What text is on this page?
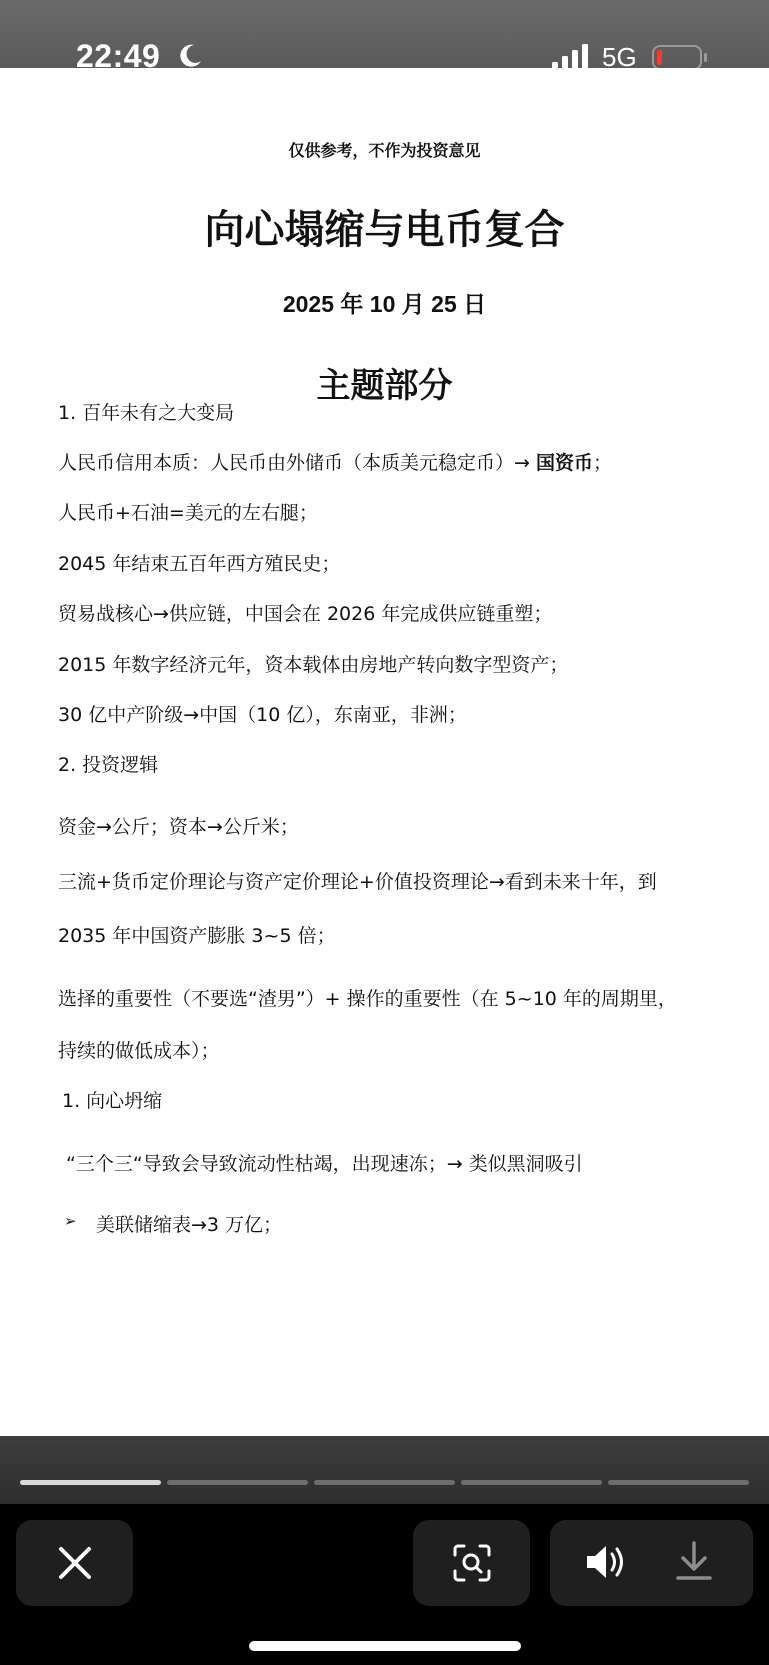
22:49	5G
仅供参考，不作为投资意见
向心塌缩与电币复合
2025 年 10 月 25 日
主题部分
1. 百年未有之大变局
人民币信用本质：人民币由外储币（本质美元稳定币）→ 国资币；
人民币+石油=美元的左右腿；
2045 年结束五百年西方殖民史；
贸易战核心→供应链，中国会在 2026 年完成供应链重塑；
2015 年数字经济元年，资本载体由房地产转向数字型资产；
30 亿中产阶级→中国（10 亿），东南亚，非洲；
2. 投资逻辑
资金→公斤；资本→公斤米；
三流+货币定价理论与资产定价理论+价值投资理论→看到未来十年，到
2035 年中国资产膨胀 3~5 倍；
选择的重要性（不要选“渣男”）+ 操作的重要性（在 5~10 年的周期里，
持续的做低成本）；
1. 向心坍缩
“三个三“导致会导致流动性枯竭，出现速冻；→ 类似黑洞吸引
➢ 美联储缩表→3 万亿；
